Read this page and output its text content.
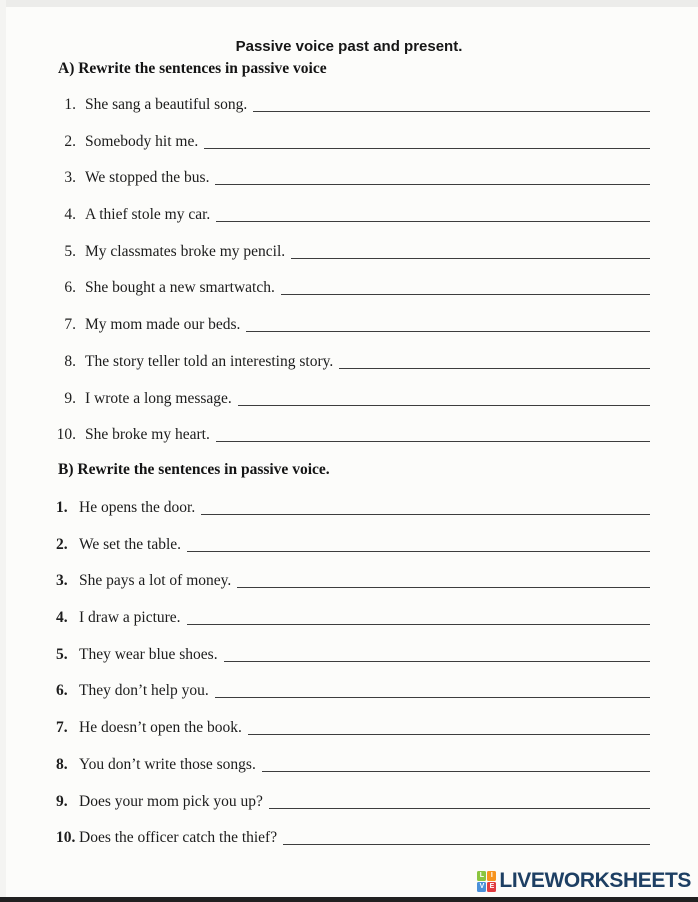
Passive voice past and present.
A) Rewrite the sentences in passive voice
1. She sang a beautiful song.
2. Somebody hit me.
3. We stopped the bus.
4. A thief stole my car.
5. My classmates broke my pencil.
6. She bought a new smartwatch.
7. My mom made our beds.
8. The story teller told an interesting story.
9. I wrote a long message.
10. She broke my heart.
B) Rewrite the sentences in passive voice.
1. He opens the door.
2. We set the table.
3. She pays a lot of money.
4. I draw a picture.
5. They wear blue shoes.
6. They don’t help you.
7. He doesn’t open the book.
8. You don’t write those songs.
9. Does your mom pick you up?
10. Does the officer catch the thief?
L I
V E LIVEWORKSHEETS
